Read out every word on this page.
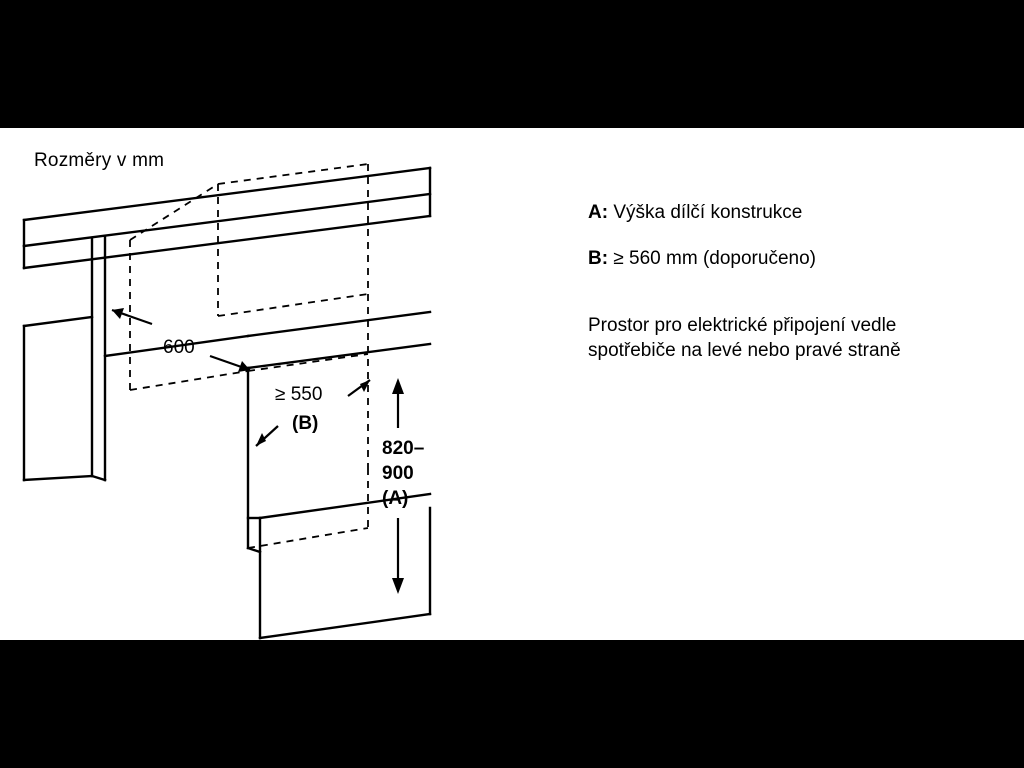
Rozměry v mm
600
≥ 550
(B)
820–
900
(A)
A: Výška dílčí konstrukce
B: ≥ 560 mm (doporučeno)
Prostor pro elektrické připojení vedle
spotřebiče na levé nebo pravé straně
